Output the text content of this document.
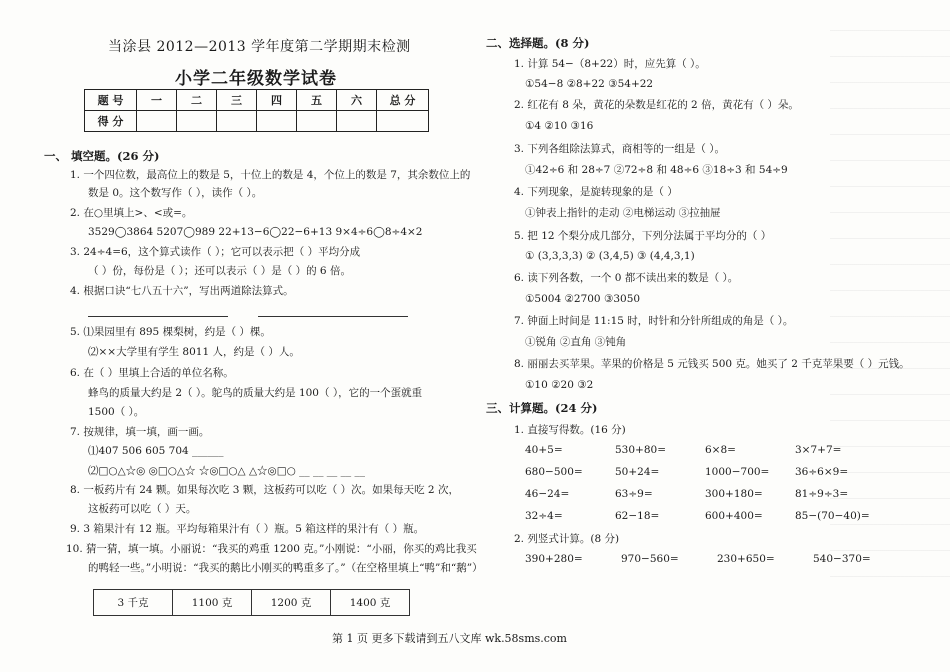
当涂县 2012—2013 学年度第二学期期末检测
小学二年级数学试卷
题 号	一	二	三	四	五	六	总 分
得 分							
一、 填空题。(26 分)
1. 一个四位数，最高位上的数是 5，十位上的数是 4，个位上的数是 7，其余数位上的
数是 0。这个数写作（ ），读作（ ）。
2. 在○里填上>、<或=。
3529◯3864 5207◯989 22+13−6◯22−6+13 9×4÷6◯8÷4×2
3. 24÷4=6，这个算式读作（ ）；它可以表示把（ ）平均分成
（ ）份，每份是（ ）；还可以表示（ ）是（ ）的 6 倍。
4. 根据口诀“七八五十六”，写出两道除法算式。
5. ⑴果园里有 895 棵梨树，约是（ ）棵。
⑵××大学里有学生 8011 人，约是（ ）人。
6. 在（ ）里填上合适的单位名称。
蜂鸟的质量大约是 2（ ）。鸵鸟的质量大约是 100（ ），它的一个蛋就重
1500（ ）。
7. 按规律，填一填，画一画。
⑴407 506 605 704 ______
⑵□○△☆◎ ◎□○△☆ ☆◎□○△ △☆◎□○ __ __ __ __ __
8. 一板药片有 24 颗。如果每次吃 3 颗，这板药可以吃（ ）次。如果每天吃 2 次，
这板药可以吃（ ）天。
9. 3 箱果汁有 12 瓶。平均每箱果汁有（ ）瓶。5 箱这样的果汁有（ ）瓶。
10. 猜一猜，填一填。小丽说：“我买的鸡重 1200 克。”小刚说：“小丽，你买的鸡比我买
的鸭轻一些。”小明说：“我买的鹅比小刚买的鸭重多了。”（在空格里填上“鸭”和“鹅”）
3 千克	1100 克	1200 克	1400 克
二、选择题。(8 分)
1. 计算 54−（8+22）时，应先算（ ）。
①54−8 ②8+22 ③54+22
2. 红花有 8 朵，黄花的朵数是红花的 2 倍，黄花有（ ）朵。
①4 ②10 ③16
3. 下列各组除法算式，商相等的一组是（ ）。
①42÷6 和 28÷7 ②72÷8 和 48÷6 ③18÷3 和 54÷9
4. 下列现象，是旋转现象的是（ ）
①钟表上指针的走动 ②电梯运动 ③拉抽屉
5. 把 12 个梨分成几部分，下列分法属于平均分的（ ）
① (3,3,3,3) ② (3,4,5) ③ (4,4,3,1)
6. 读下列各数，一个 0 都不读出来的数是（ ）。
①5004 ②2700 ③3050
7. 钟面上时间是 11:15 时，时针和分针所组成的角是（ ）。
①锐角 ②直角 ③钝角
8. 丽丽去买苹果。苹果的价格是 5 元钱买 500 克。她买了 2 千克苹果要（ ）元钱。
①10 ②20 ③2
三、计算题。(24 分)
1. 直接写得数。(16 分)
40+5=	530+80=	6×8=	3×7+7=
680−500=	50+24=	1000−700=	36÷6×9=
46−24=	63÷9=	300+180=	81÷9÷3=
32÷4=	62−18=	600+400=	85−(70−40)=
2. 列竖式计算。(8 分)
390+280=	970−560=	230+650=	540−370=
第 1 页 更多下载请到五八文库 wk.58sms.com
